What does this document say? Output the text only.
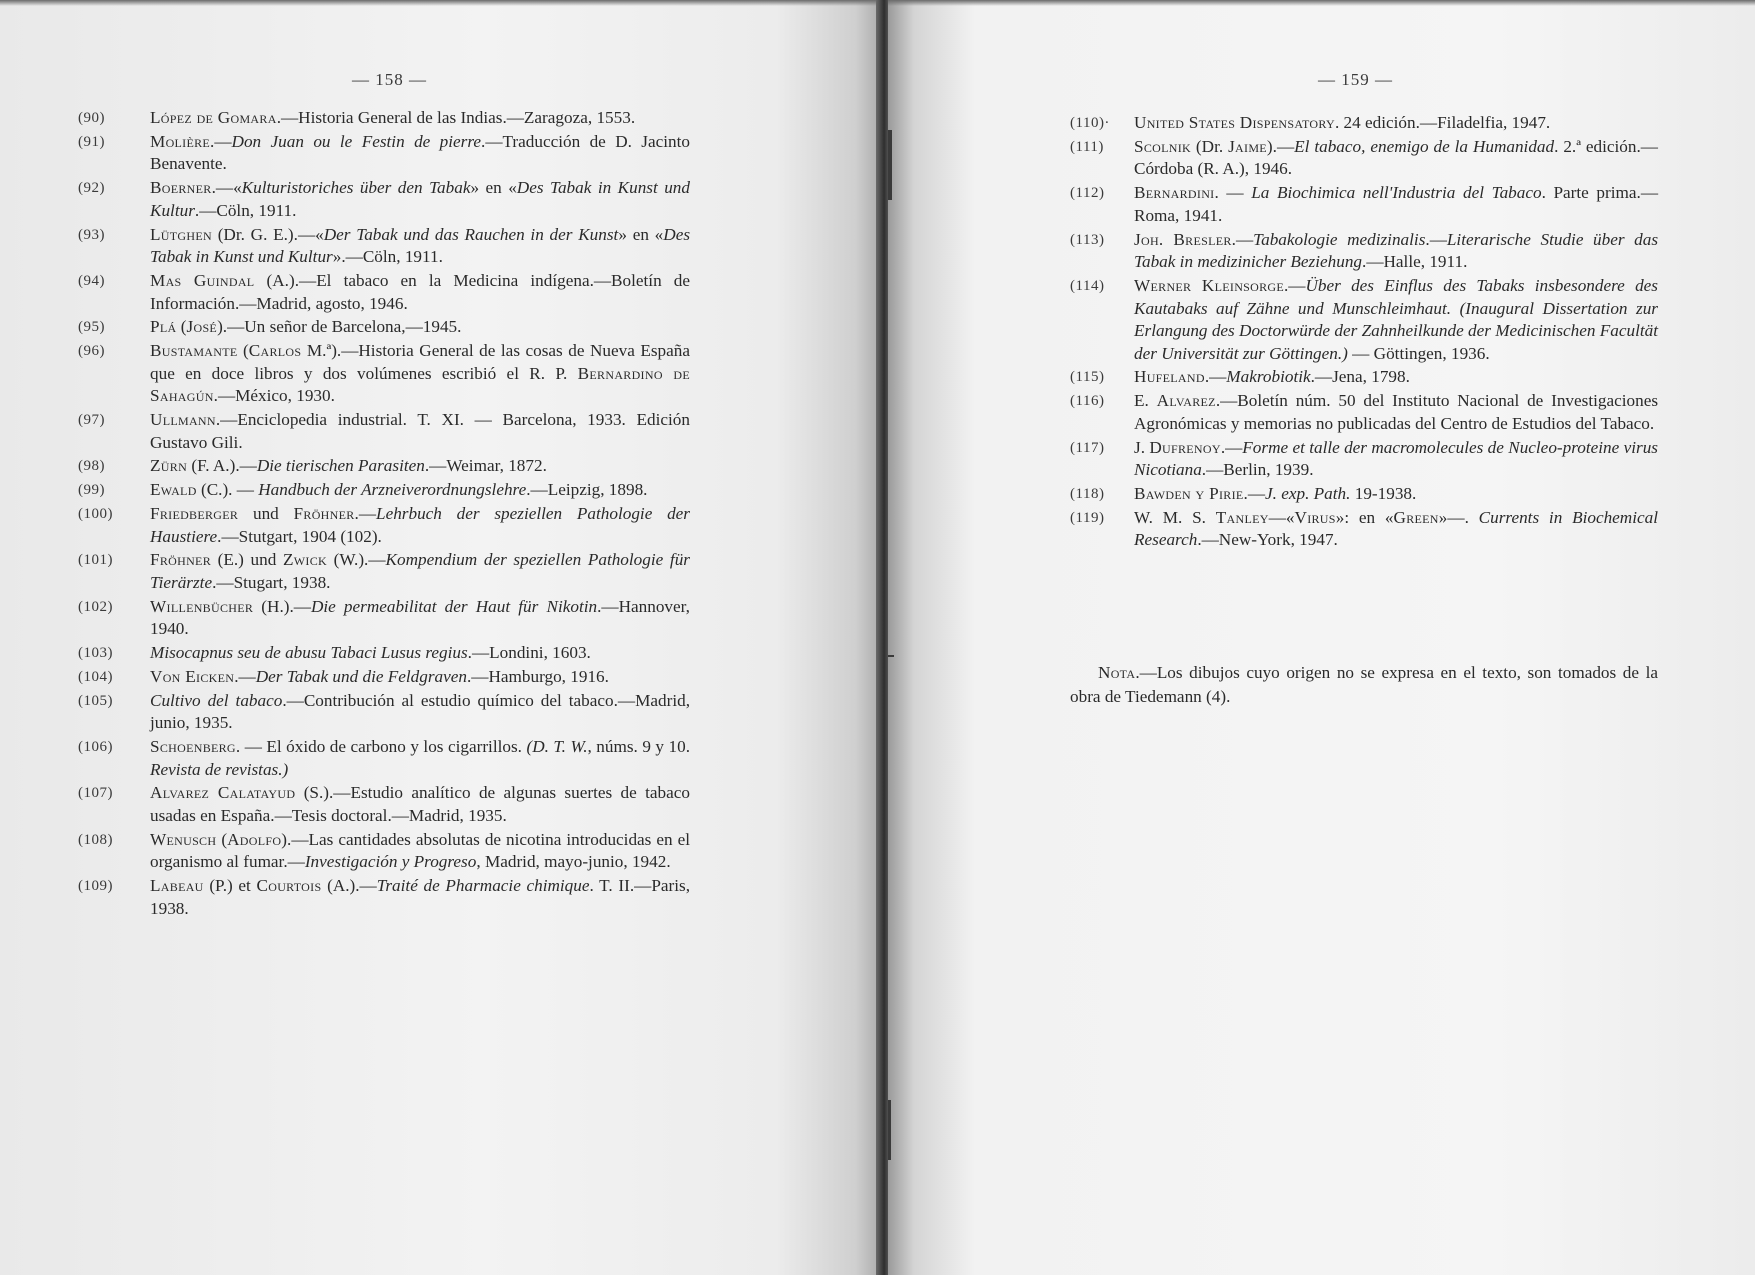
— 158 —
(90)	López de Gomara.—Historia General de las Indias.—Zaragoza, 1553.
(91)	Molière.—Don Juan ou le Festin de pierre.—Traducción de D. Jacinto Benavente.
(92)	Boerner.—«Kulturistoriches über den Tabak» en «Des Tabak in Kunst und Kultur.—Cöln, 1911.
(93)	Lütghen (Dr. G. E.).—«Der Tabak und das Rauchen in der Kunst» en «Des Tabak in Kunst und Kultur».—Cöln, 1911.
(94)	Mas Guindal (A.).—El tabaco en la Medicina indígena.—Boletín de Información.—Madrid, agosto, 1946.
(95)	Plá (José).—Un señor de Barcelona,—1945.
(96)	Bustamante (Carlos M.ª).—Historia General de las cosas de Nueva España que en doce libros y dos volúmenes escribió el R. P. Bernardino de Sahagún.—México, 1930.
(97)	Ullmann.—Enciclopedia industrial. T. XI. — Barcelona, 1933. Edición Gustavo Gili.
(98)	Zürn (F. A.).—Die tierischen Parasiten.—Weimar, 1872.
(99)	Ewald (C.). — Handbuch der Arzneiverordnungslehre.—Leipzig, 1898.
(100) Friedberger und Fröhner.—Lehrbuch der speziellen Pathologie der Haustiere.—Stutgart, 1904 (102).
(101) Fröhner (E.) und Zwick (W.).—Kompendium der speziellen Pathologie für Tierärzte.—Stugart, 1938.
(102) Willenbücher (H.).—Die permeabilitat der Haut für Nikotin.—Hannover, 1940.
(103) Misocapnus seu de abusu Tabaci Lusus regius.—Londini, 1603.
(104) Von Eicken.—Der Tabak und die Feldgraven.—Hamburgo, 1916.
(105) Cultivo del tabaco.—Contribución al estudio químico del tabaco.—Madrid, junio, 1935.
(106) Schoenberg. — El óxido de carbono y los cigarrillos. (D. T. W., núms. 9 y 10. Revista de revistas.)
(107) Alvarez Calatayud (S.).—Estudio analítico de algunas suertes de tabaco usadas en España.—Tesis doctoral.—Madrid, 1935.
(108) Wenusch (Adolfo).—Las cantidades absolutas de nicotina introducidas en el organismo al fumar.—Investigación y Progreso, Madrid, mayo-junio, 1942.
(109) Labeau (P.) et Courtois (A.).—Traité de Pharmacie chimique. T. II.—Paris, 1938.
— 159 —
(110)· United States Dispensatory. 24 edición.—Filadelfia, 1947.
(111) Scolnik (Dr. Jaime).—El tabaco, enemigo de la Humanidad. 2.ª edición.—Córdoba (R. A.), 1946.
(112) Bernardini. — La Biochimica nell'Industria del Tabaco. Parte prima.—Roma, 1941.
(113) Joh. Bresler.—Tabakologie medizinalis.—Literarische Studie über das Tabak in medizinicher Beziehung.—Halle, 1911.
(114) Werner Kleinsorge.—Über des Einflus des Tabaks insbesondere des Kautabaks auf Zähne und Munschleimhaut. (Inaugural Dissertation zur Erlangung des Doctorwürde der Zahnheilkunde der Medicinischen Facultät der Universität zur Göttingen.) — Göttingen, 1936.
(115) Hufeland.—Makrobiotik.—Jena, 1798.
(116) E. Alvarez.—Boletín núm. 50 del Instituto Nacional de Investigaciones Agronómicas y memorias no publicadas del Centro de Estudios del Tabaco.
(117) J. Dufrenoy.—Forme et talle der macromolecules de Nucleo-proteine virus Nicotiana.—Berlin, 1939.
(118) Bawden y Pirie.—J. exp. Path. 19-1938.
(119) W. M. S. Tanley—«Virus»: en «Green»—. Currents in Biochemical Research.—New-York, 1947.

Nota.—Los dibujos cuyo origen no se expresa en el texto, son tomados de la obra de Tiedemann (4).
